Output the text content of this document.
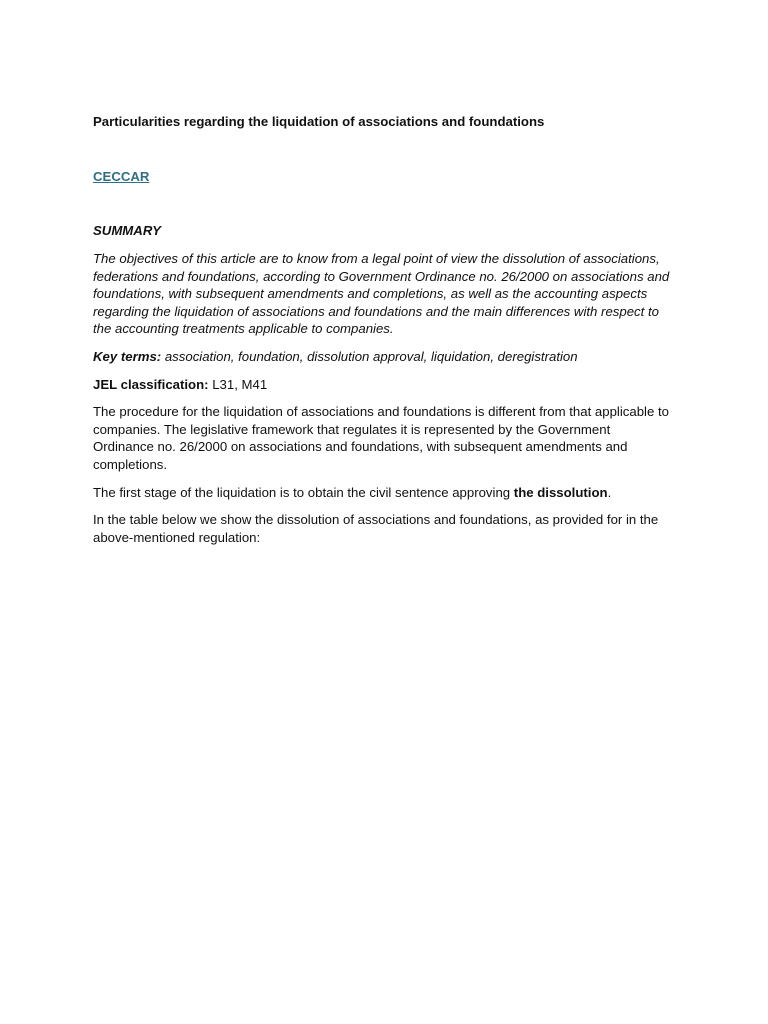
Particularities regarding the liquidation of associations and foundations

CECCAR

SUMMARY

The objectives of this article are to know from a legal point of view the dissolution of associations, federations and foundations, according to Government Ordinance no. 26/2000 on associations and foundations, with subsequent amendments and completions, as well as the accounting aspects regarding the liquidation of associations and foundations and the main differences with respect to the accounting treatments applicable to companies.

Key terms: association, foundation, dissolution approval, liquidation, deregistration

JEL classification: L31, M41

The procedure for the liquidation of associations and foundations is different from that applicable to companies. The legislative framework that regulates it is represented by the Government Ordinance no. 26/2000 on associations and foundations, with subsequent amendments and completions.

The first stage of the liquidation is to obtain the civil sentence approving the dissolution.

In the table below we show the dissolution of associations and foundations, as provided for in the above-mentioned regulation:
